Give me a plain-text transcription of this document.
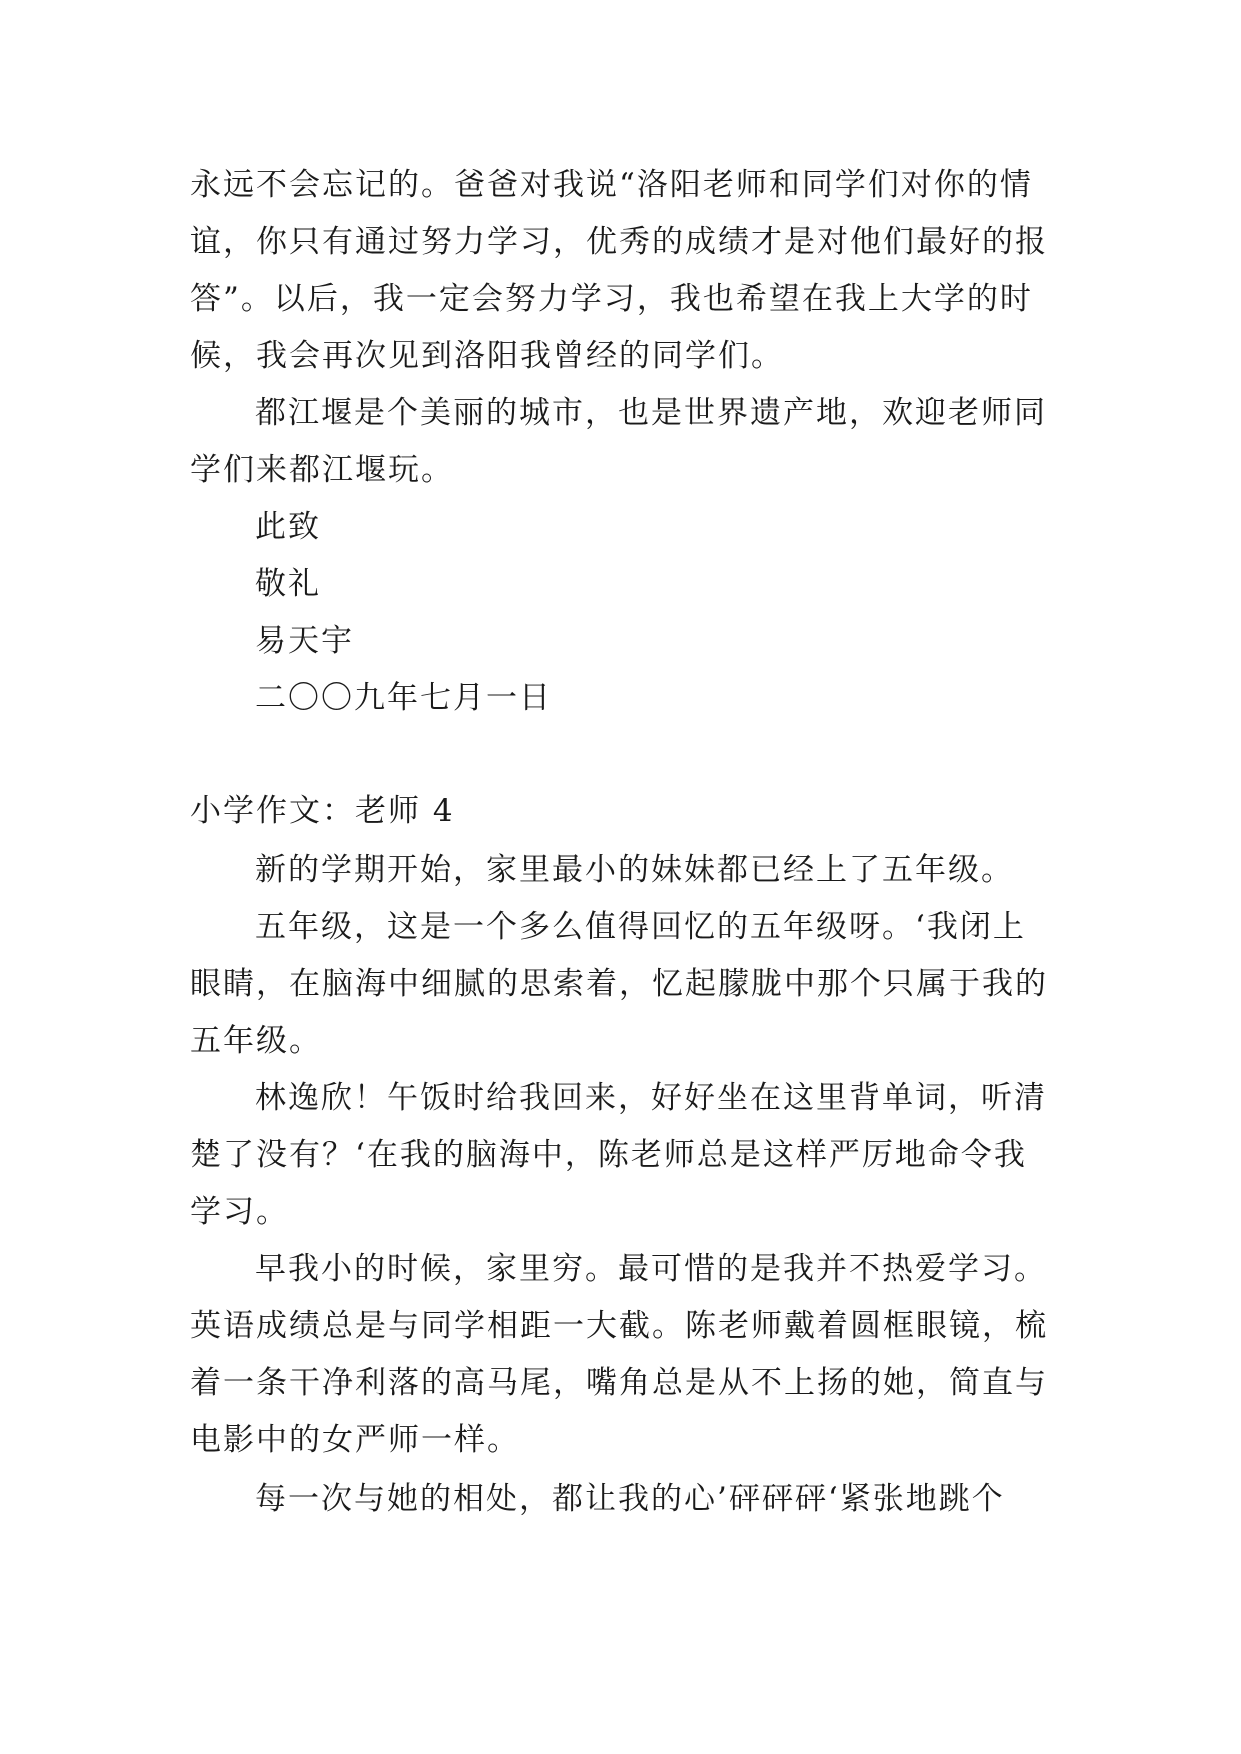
永远不会忘记的。爸爸对我说“洛阳老师和同学们对你的情
谊，你只有通过努力学习，优秀的成绩才是对他们最好的报
答”。以后，我一定会努力学习，我也希望在我上大学的时
候，我会再次见到洛阳我曾经的同学们。
都江堰是个美丽的城市，也是世界遗产地，欢迎老师同
学们来都江堰玩。
此致
敬礼
易天宇
二〇〇九年七月一日
小学作文：老师 4
新的学期开始，家里最小的妹妹都已经上了五年级。
五年级，这是一个多么值得回忆的五年级呀。‘我闭上
眼睛，在脑海中细腻的思索着，忆起朦胧中那个只属于我的
五年级。
林逸欣！午饭时给我回来，好好坐在这里背单词，听清
楚了没有？‘在我的脑海中，陈老师总是这样严厉地命令我
学习。
早我小的时候，家里穷。最可惜的是我并不热爱学习。
英语成绩总是与同学相距一大截。陈老师戴着圆框眼镜，梳
着一条干净利落的高马尾，嘴角总是从不上扬的她，简直与
电影中的女严师一样。
每一次与她的相处，都让我的心’砰砰砰‘紧张地跳个
